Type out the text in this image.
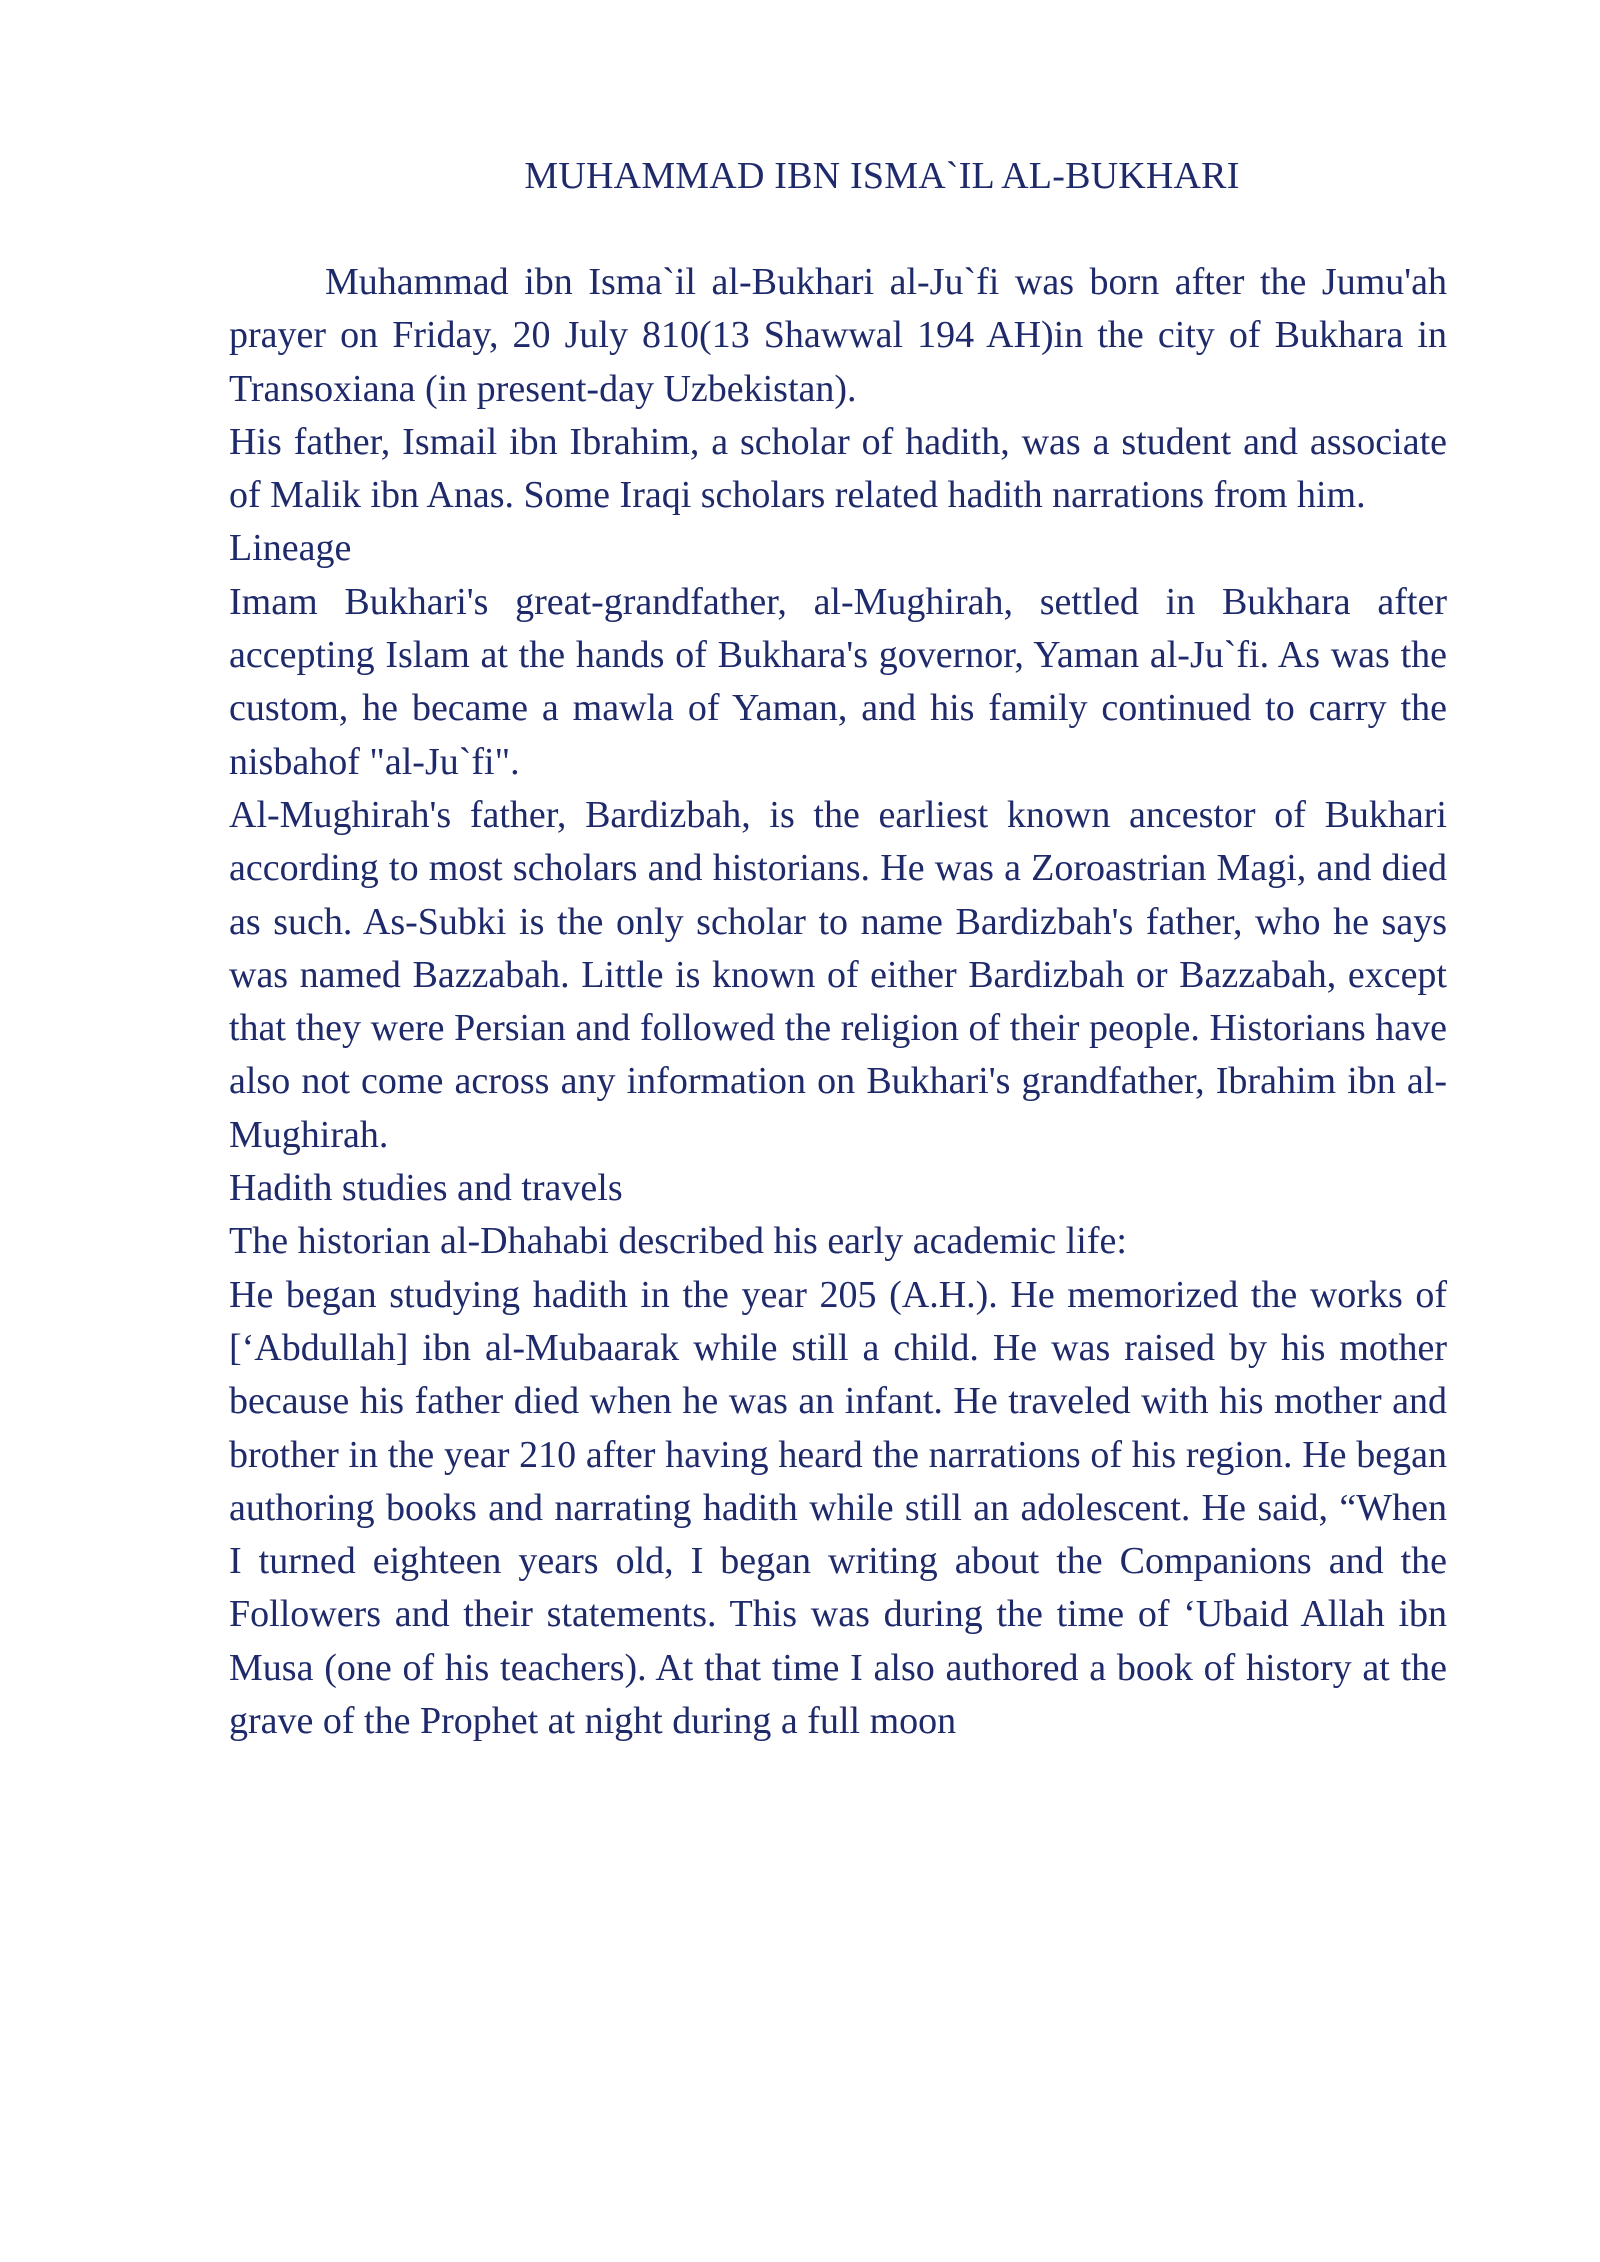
MUHAMMAD IBN ISMA`IL AL-BUKHARI

Muhammad ibn Isma`il al-Bukhari al-Ju`fi was born after the Jumu'ah prayer on Friday, 20 July 810(13 Shawwal 194 AH)in the city of Bukhara in Transoxiana (in present-day Uzbekistan).

His father, Ismail ibn Ibrahim, a scholar of hadith, was a student and associate of Malik ibn Anas. Some Iraqi scholars related hadith narrations from him.

Lineage

Imam Bukhari's great-grandfather, al-Mughirah, settled in Bukhara after accepting Islam at the hands of Bukhara's governor, Yaman al-Ju`fi. As was the custom, he became a mawla of Yaman, and his family continued to carry the nisbahof "al-Ju`fi".

Al-Mughirah's father, Bardizbah, is the earliest known ancestor of Bukhari according to most scholars and historians. He was a Zoroastrian Magi, and died as such. As-Subki is the only scholar to name Bardizbah's father, who he says was named Bazzabah. Little is known of either Bardizbah or Bazzabah, except that they were Persian and followed the religion of their people. Historians have also not come across any information on Bukhari's grandfather, Ibrahim ibn al-Mughirah.

Hadith studies and travels

The historian al-Dhahabi described his early academic life:

He began studying hadith in the year 205 (A.H.). He memorized the works of [‘Abdullah] ibn al-Mubaarak while still a child. He was raised by his mother because his father died when he was an infant. He traveled with his mother and brother in the year 210 after having heard the narrations of his region. He began authoring books and narrating hadith while still an adolescent. He said, “When I turned eighteen years old, I began writing about the Companions and the Followers and their statements. This was during the time of ‘Ubaid Allah ibn Musa (one of his teachers). At that time I also authored a book of history at the grave of the Prophet at night during a full moon
